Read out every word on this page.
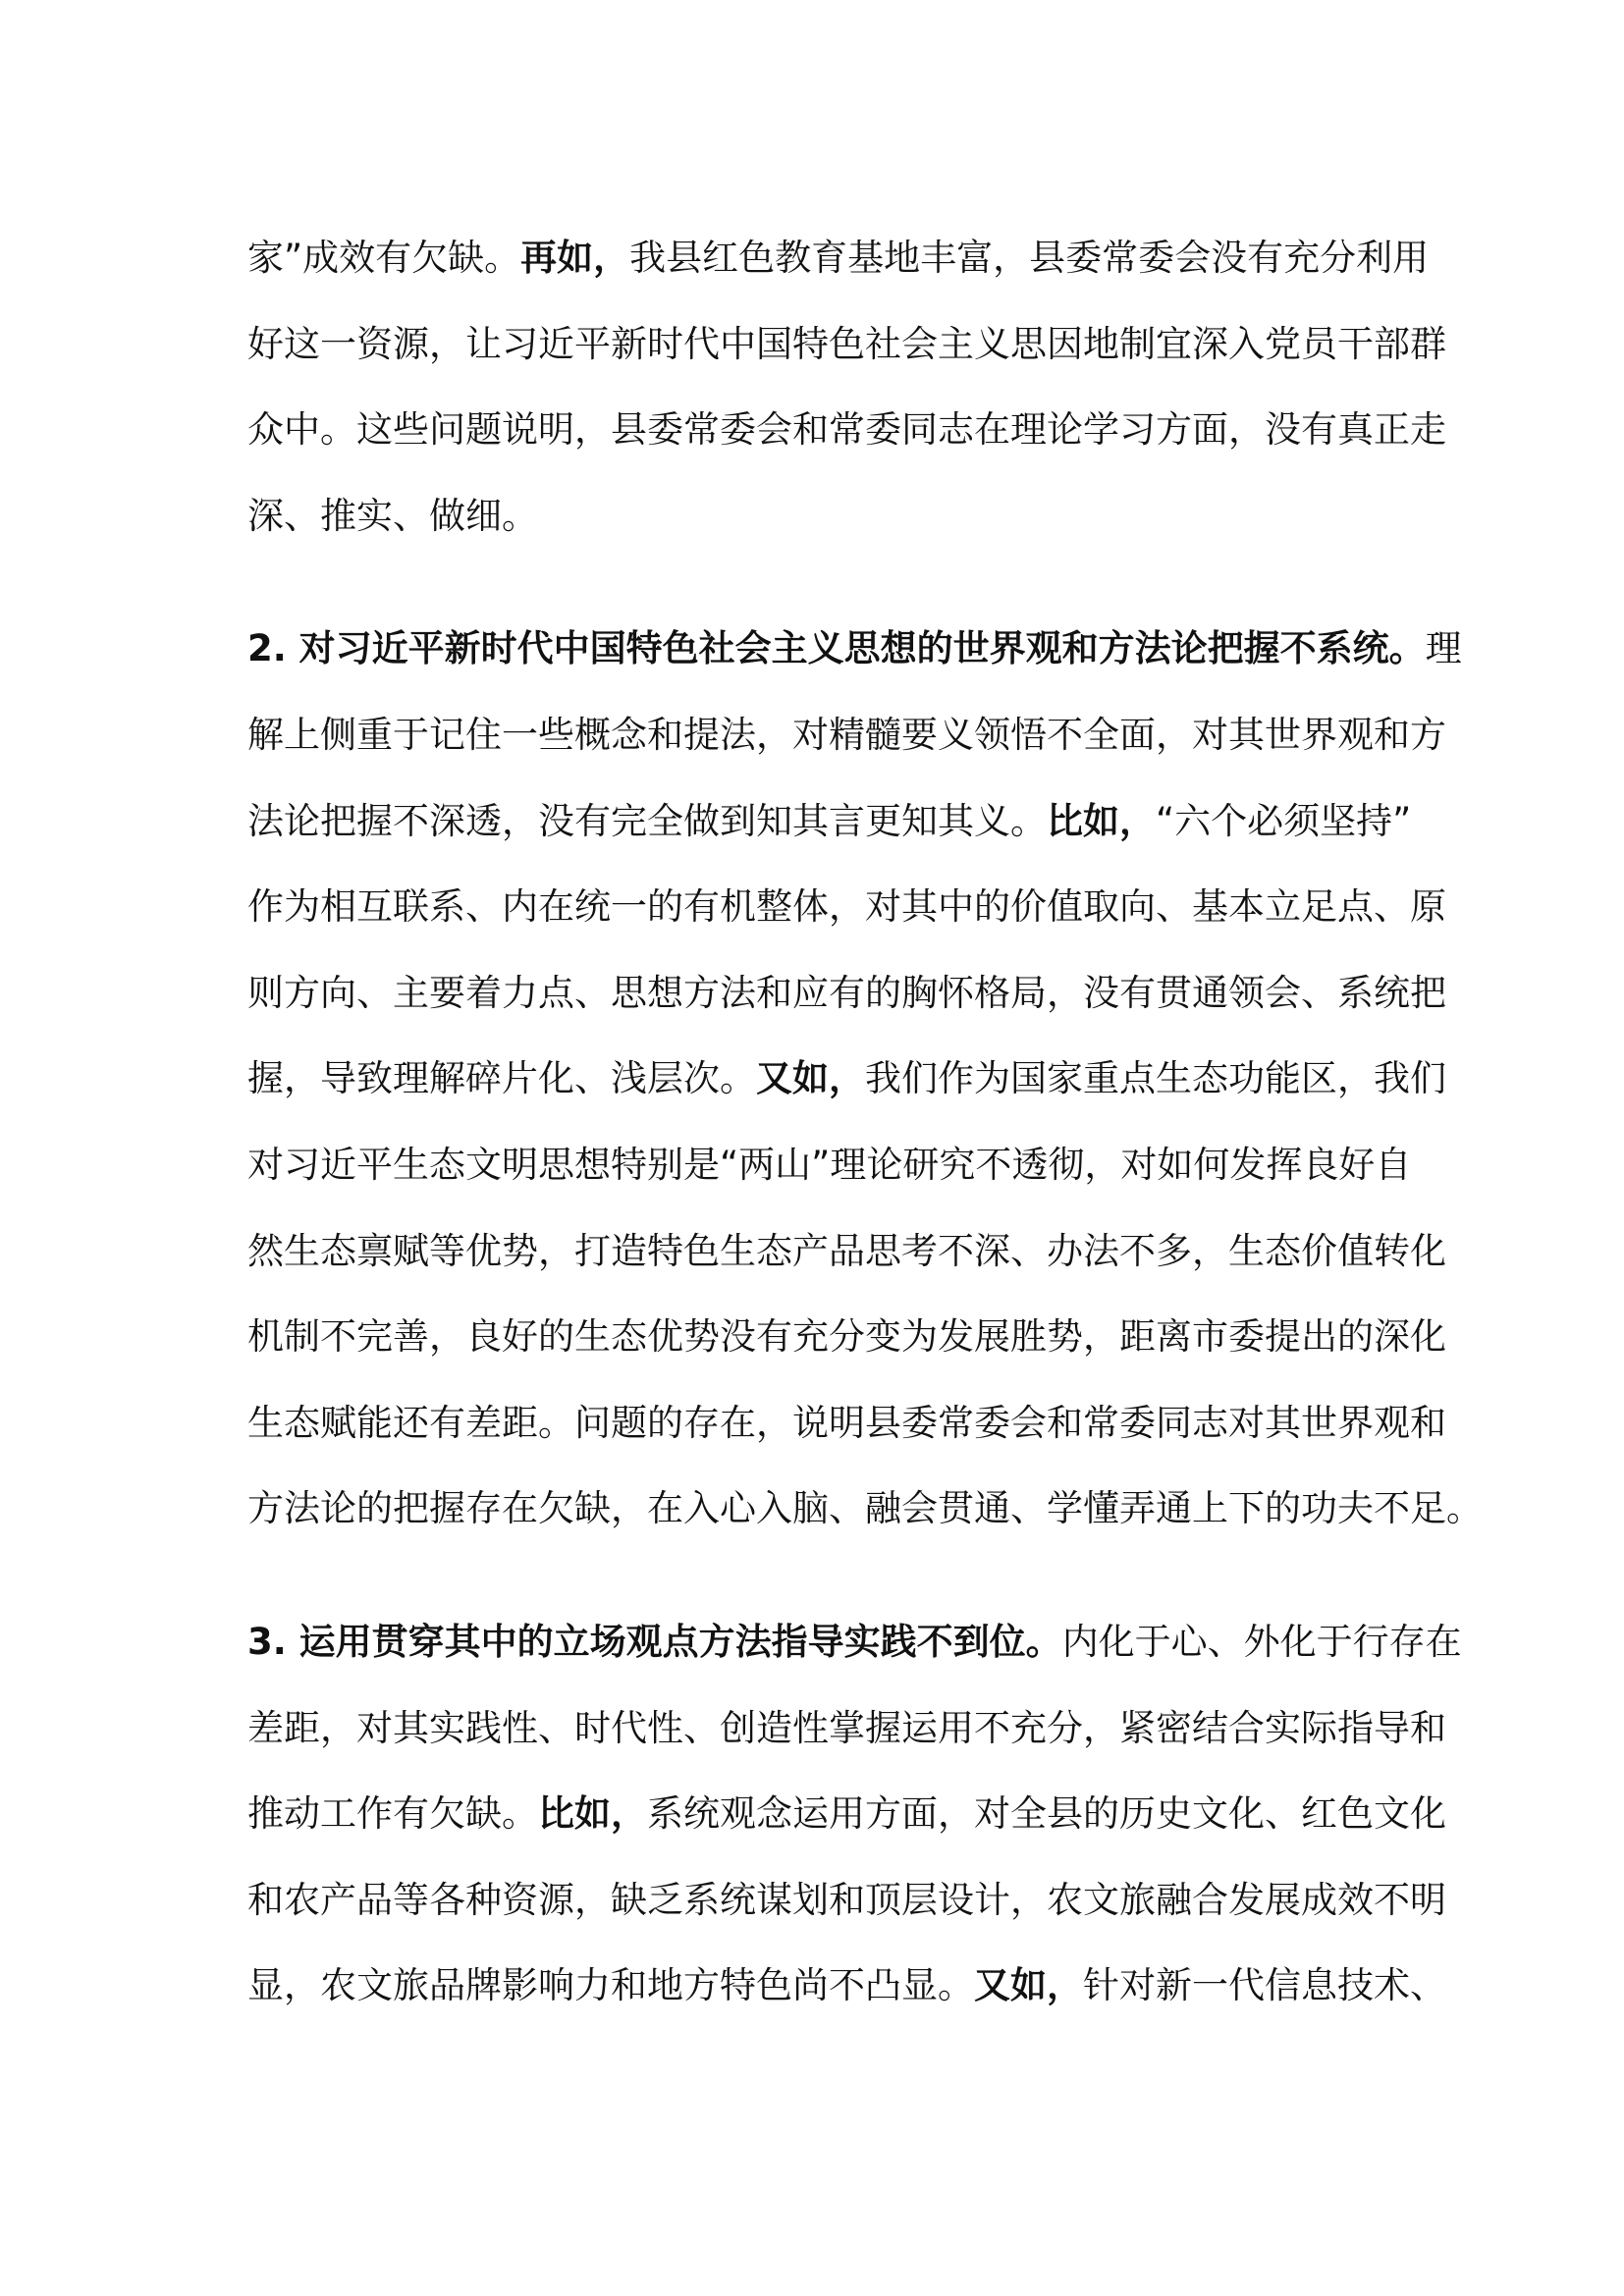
家”成效有欠缺。再如，我县红色教育基地丰富，县委常委会没有充分利用
好这一资源，让习近平新时代中国特色社会主义思因地制宜深入党员干部群
众中。这些问题说明，县委常委会和常委同志在理论学习方面，没有真正走
深、推实、做细。
2. 对习近平新时代中国特色社会主义思想的世界观和方法论把握不系统。理
解上侧重于记住一些概念和提法，对精髓要义领悟不全面，对其世界观和方
法论把握不深透，没有完全做到知其言更知其义。比如，“六个必须坚持”
作为相互联系、内在统一的有机整体，对其中的价值取向、基本立足点、原
则方向、主要着力点、思想方法和应有的胸怀格局，没有贯通领会、系统把
握，导致理解碎片化、浅层次。又如，我们作为国家重点生态功能区，我们
对习近平生态文明思想特别是“两山”理论研究不透彻，对如何发挥良好自
然生态禀赋等优势，打造特色生态产品思考不深、办法不多，生态价值转化
机制不完善，良好的生态优势没有充分变为发展胜势，距离市委提出的深化
生态赋能还有差距。问题的存在，说明县委常委会和常委同志对其世界观和
方法论的把握存在欠缺，在入心入脑、融会贯通、学懂弄通上下的功夫不足。
3. 运用贯穿其中的立场观点方法指导实践不到位。内化于心、外化于行存在
差距，对其实践性、时代性、创造性掌握运用不充分，紧密结合实际指导和
推动工作有欠缺。比如，系统观念运用方面，对全县的历史文化、红色文化
和农产品等各种资源，缺乏系统谋划和顶层设计，农文旅融合发展成效不明
显，农文旅品牌影响力和地方特色尚不凸显。又如，针对新一代信息技术、
